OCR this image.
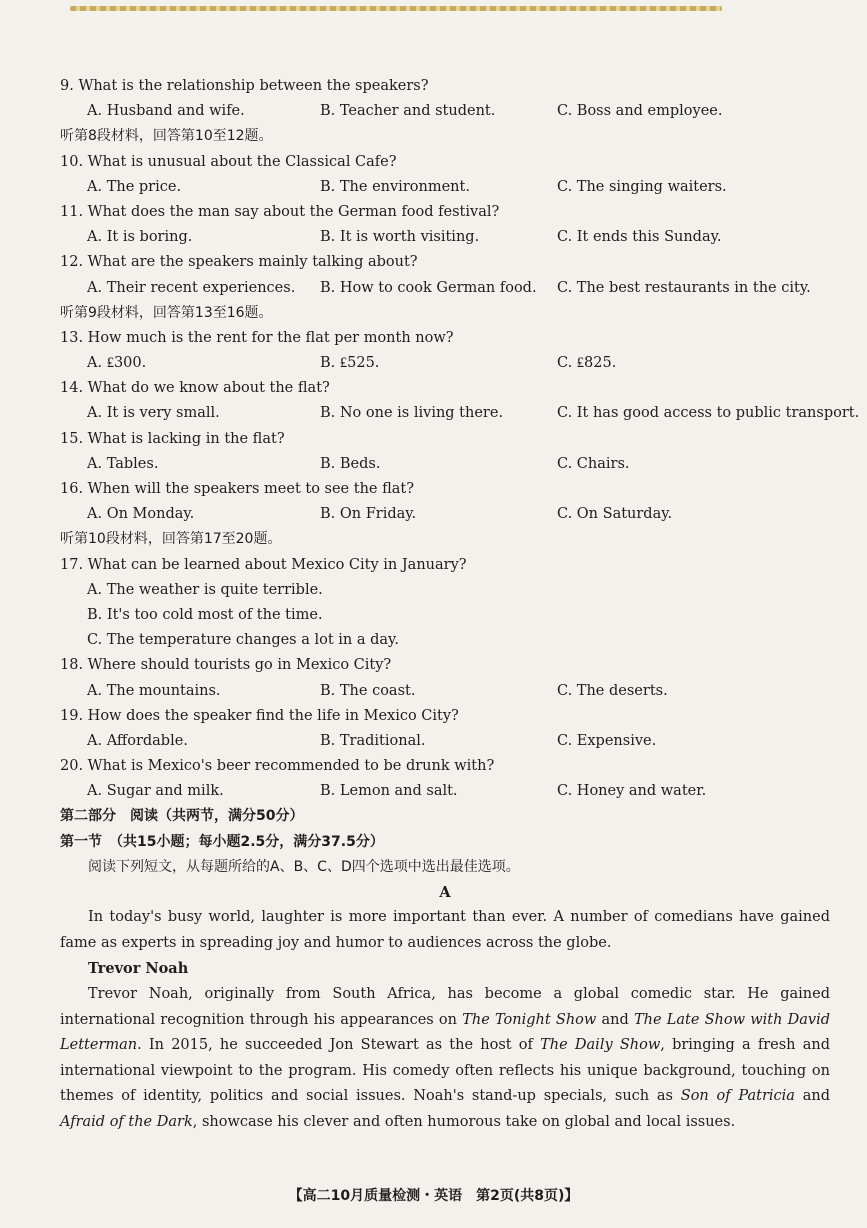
9. What is the relationship between the speakers?
A. Husband and wife.	B. Teacher and student.	C. Boss and employee.
听第8段材料，回答第10至12题。
10. What is unusual about the Classical Cafe?
A. The price.	B. The environment.	C. The singing waiters.
11. What does the man say about the German food festival?
A. It is boring.	B. It is worth visiting.	C. It ends this Sunday.
12. What are the speakers mainly talking about?
A. Their recent experiences. B. How to cook German food. C. The best restaurants in the city.
听第9段材料，回答第13至16题。
13. How much is the rent for the flat per month now?
A. ₤300.	B. ₤525.	C. ₤825.
14. What do we know about the flat?
A. It is very small.	B. No one is living there.	C. It has good access to public transport.
15. What is lacking in the flat?
A. Tables.	B. Beds.	C. Chairs.
16. When will the speakers meet to see the flat?
A. On Monday.	B. On Friday.	C. On Saturday.
听第10段材料，回答第17至20题。
17. What can be learned about Mexico City in January?
A. The weather is quite terrible.
B. It's too cold most of the time.
C. The temperature changes a lot in a day.
18. Where should tourists go in Mexico City?
A. The mountains.	B. The coast.	C. The deserts.
19. How does the speaker find the life in Mexico City?
A. Affordable.	B. Traditional.	C. Expensive.
20. What is Mexico's beer recommended to be drunk with?
A. Sugar and milk.	B. Lemon and salt.	C. Honey and water.
第二部分　阅读（共两节，满分50分）
第一节　（共15小题；每小题2.5分，满分37.5分）
阅读下列短文，从每题所给的A、B、C、D四个选项中选出最佳选项。
A

In today's busy world, laughter is more important than ever. A number of comedians have gained fame as experts in spreading joy and humor to audiences across the globe.

Trevor Noah

Trevor Noah, originally from South Africa, has become a global comedic star. He gained international recognition through his appearances on The Tonight Show and The Late Show with David Letterman. In 2015, he succeeded Jon Stewart as the host of The Daily Show, bringing a fresh and international viewpoint to the program. His comedy often reflects his unique background, touching on themes of identity, politics and social issues. Noah's stand-up specials, such as Son of Patricia and Afraid of the Dark, showcase his clever and often humorous take on global and local issues.

【高二10月质量检测・英语　第2页(共8页)】
